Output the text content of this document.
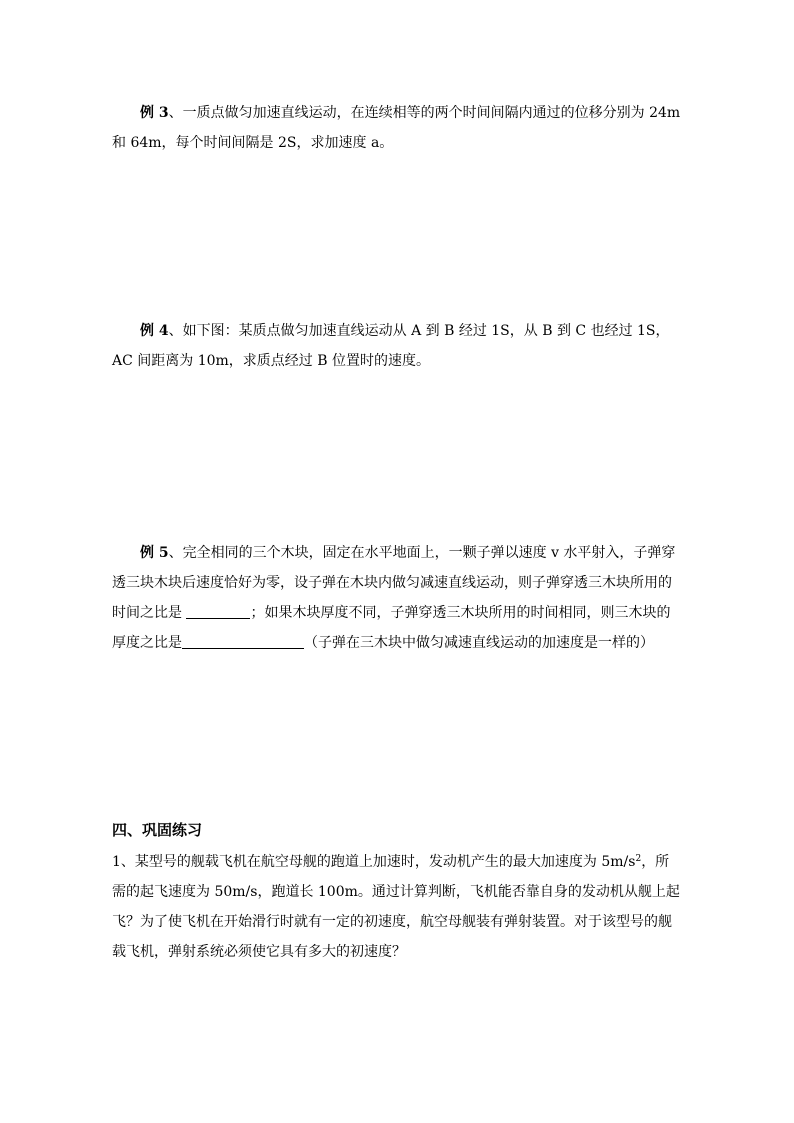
例 3、一质点做匀加速直线运动，在连续相等的两个时间间隔内通过的位移分别为 24m 和 64m，每个时间间隔是 2S，求加速度 a。

例 4、如下图：某质点做匀加速直线运动从 A 到 B 经过 1S，从 B 到 C 也经过 1S，AC 间距离为 10m，求质点经过 B 位置时的速度。

例 5、完全相同的三个木块，固定在水平地面上，一颗子弹以速度 v 水平射入，子弹穿透三块木块后速度恰好为零，设子弹在木块内做匀减速直线运动，则子弹穿透三木块所用的时间之比是	；如果木块厚度不同，子弹穿透三木块所用的时间相同，则三木块的厚度之比是	（子弹在三木块中做匀减速直线运动的加速度是一样的）

四、巩固练习

1、某型号的舰载飞机在航空母舰的跑道上加速时，发动机产生的最大加速度为 $5m/s^2$，所需的起飞速度为 50m/s，跑道长 100m。通过计算判断，飞机能否靠自身的发动机从舰上起飞？为了使飞机在开始滑行时就有一定的初速度，航空母舰装有弹射装置。对于该型号的舰载飞机，弹射系统必须使它具有多大的初速度？
